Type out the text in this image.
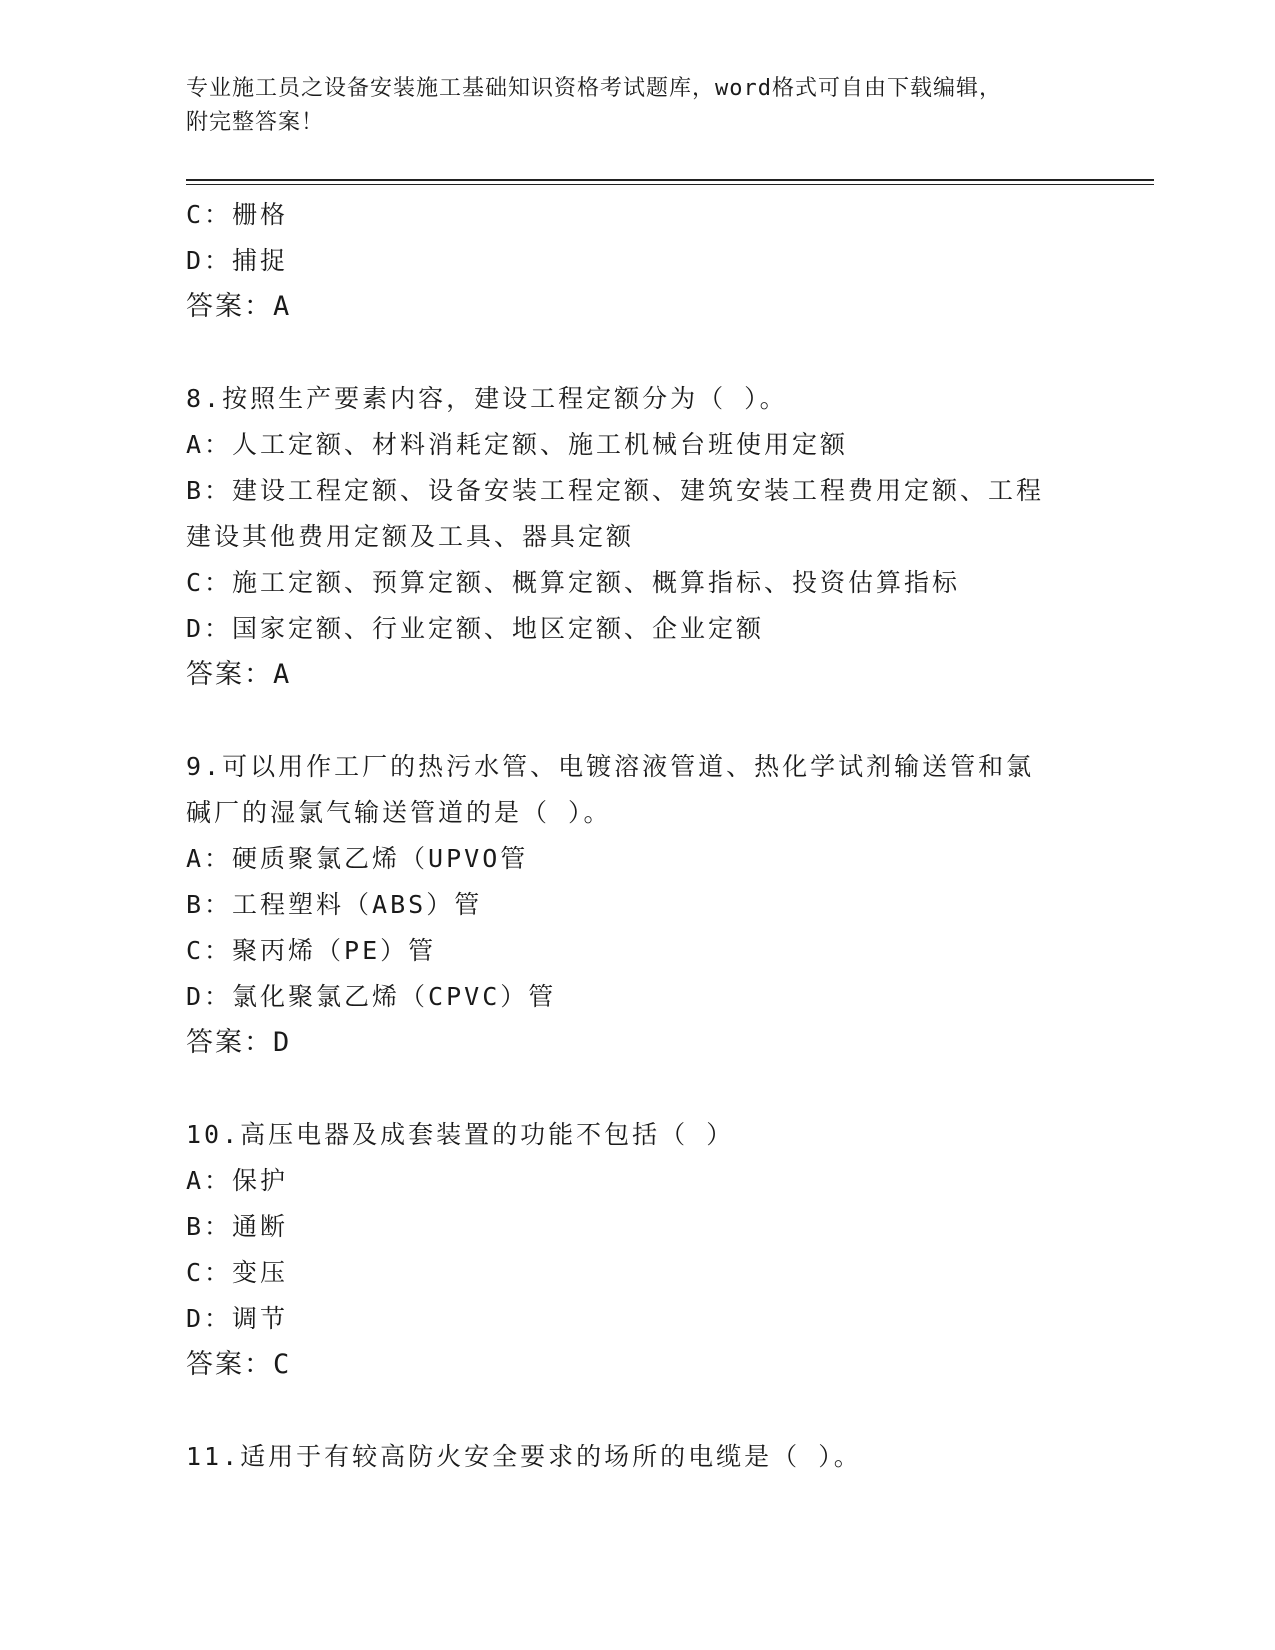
专业施工员之设备安装施工基础知识资格考试题库，word格式可自由下载编辑，
附完整答案！
C：栅格
D：捕捉
答案：A
8.按照生产要素内容，建设工程定额分为（ ）。
A：人工定额、材料消耗定额、施工机械台班使用定额
B：建设工程定额、设备安装工程定额、建筑安装工程费用定额、工程
建设其他费用定额及工具、器具定额
C：施工定额、预算定额、概算定额、概算指标、投资估算指标
D：国家定额、行业定额、地区定额、企业定额
答案：A
9.可以用作工厂的热污水管、电镀溶液管道、热化学试剂输送管和氯
碱厂的湿氯气输送管道的是（ ）。
A：硬质聚氯乙烯（UPVO管
B：工程塑料（ABS）管
C：聚丙烯（PE）管
D：氯化聚氯乙烯（CPVC）管
答案：D
10.高压电器及成套装置的功能不包括（ ）
A：保护
B：通断
C：变压
D：调节
答案：C
11.适用于有较高防火安全要求的场所的电缆是（ ）。
